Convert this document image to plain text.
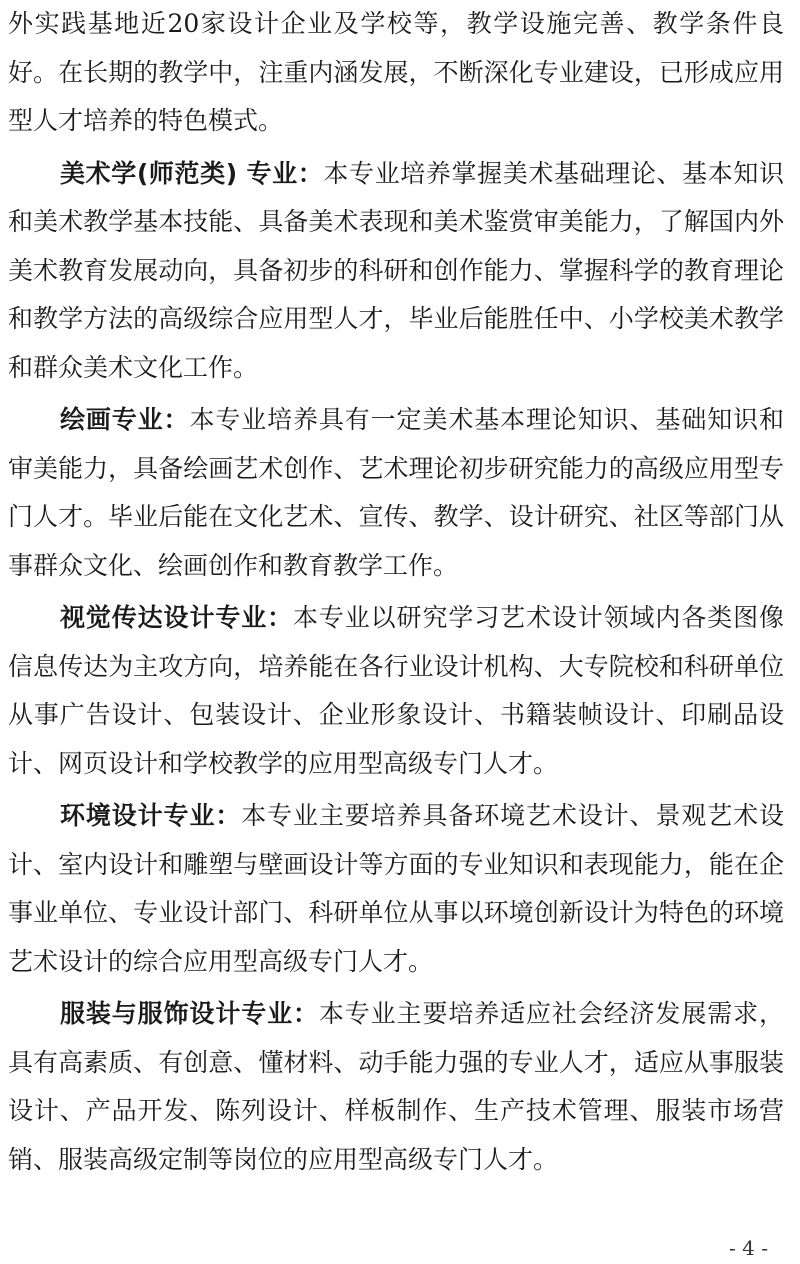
外实践基地近20家设计企业及学校等，教学设施完善、教学条件良好。在长期的教学中，注重内涵发展，不断深化专业建设，已形成应用型人才培养的特色模式。

美术学(师范类) 专业：本专业培养掌握美术基础理论、基本知识和美术教学基本技能、具备美术表现和美术鉴赏审美能力，了解国内外美术教育发展动向，具备初步的科研和创作能力、掌握科学的教育理论和教学方法的高级综合应用型人才，毕业后能胜任中、小学校美术教学和群众美术文化工作。

绘画专业：本专业培养具有一定美术基本理论知识、基础知识和审美能力，具备绘画艺术创作、艺术理论初步研究能力的高级应用型专门人才。毕业后能在文化艺术、宣传、教学、设计研究、社区等部门从事群众文化、绘画创作和教育教学工作。

视觉传达设计专业：本专业以研究学习艺术设计领域内各类图像信息传达为主攻方向，培养能在各行业设计机构、大专院校和科研单位从事广告设计、包装设计、企业形象设计、书籍装帧设计、印刷品设计、网页设计和学校教学的应用型高级专门人才。

环境设计专业：本专业主要培养具备环境艺术设计、景观艺术设计、室内设计和雕塑与壁画设计等方面的专业知识和表现能力，能在企事业单位、专业设计部门、科研单位从事以环境创新设计为特色的环境艺术设计的综合应用型高级专门人才。

服装与服饰设计专业：本专业主要培养适应社会经济发展需求，具有高素质、有创意、懂材料、动手能力强的专业人才，适应从事服装设计、产品开发、陈列设计、样板制作、生产技术管理、服装市场营销、服装高级定制等岗位的应用型高级专门人才。

- 4 -
